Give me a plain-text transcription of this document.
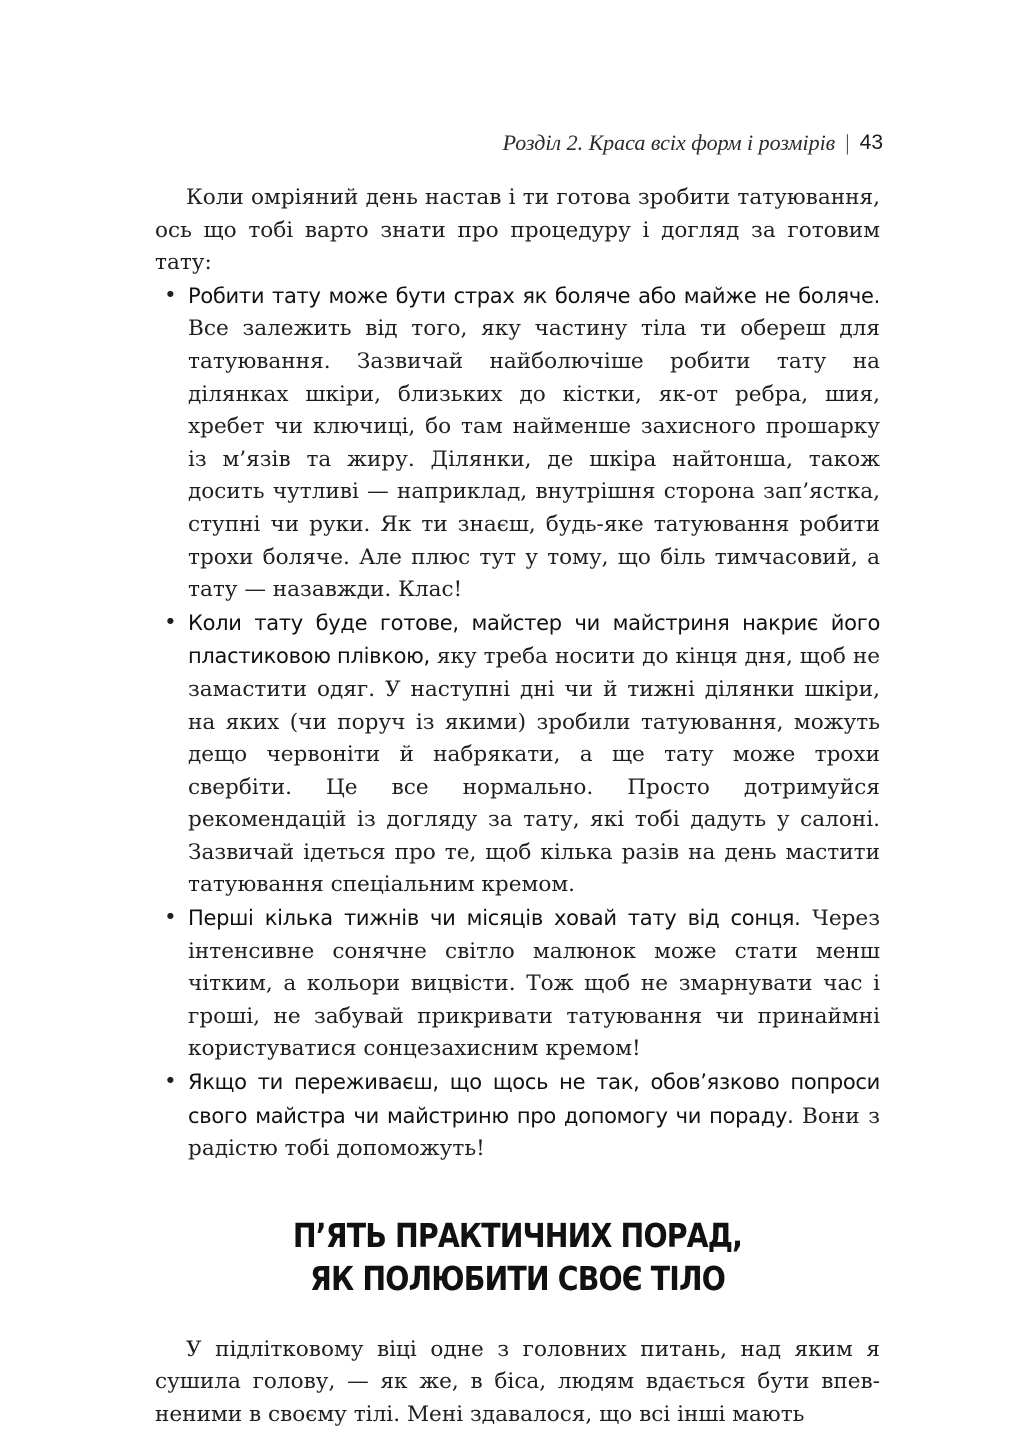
Розділ 2. Краса всіх форм і розмірів | 43

Коли омріяний день настав і ти готова зробити татуювання, ось що тобі варто знати про процедуру і догляд за готовим тату:

• Робити тату може бути страх як боляче або майже не боляче. Все залежить від того, яку частину тіла ти обереш для татуювання. Зазвичай найболючіше робити тату на ділянках шкіри, близьких до кістки, як-от ребра, шия, хребет чи ключиці, бо там найменше захисного прошарку із м’язів та жиру. Ділянки, де шкіра найтонша, також досить чутливі — наприклад, внутрішня сторона зап’ястка, ступні чи руки. Як ти знаєш, будь-яке татуювання робити трохи боляче. Але плюс тут у тому, що біль тимчасовий, а тату — назавжди. Клас!
• Коли тату буде готове, майстер чи майстриня накриє його пластиковою плівкою, яку треба носити до кінця дня, щоб не замастити одяг. У наступні дні чи й тижні ділянки шкіри, на яких (чи поруч із якими) зробили татуювання, можуть дещо червоніти й набрякати, а ще тату може трохи свербіти. Це все нормально. Просто дотримуйся рекомендацій із догляду за тату, які тобі дадуть у салоні. Зазвичай ідеться про те, щоб кілька разів на день мастити татуювання спеціальним кремом.
• Перші кілька тижнів чи місяців ховай тату від сонця. Через інтенсивне сонячне світло малюнок може стати менш чітким, а кольори вицвісти. Тож щоб не змарнувати час і гроші, не забувай прикривати татуювання чи принаймні користуватися сонцезахисним кремом!
• Якщо ти переживаєш, що щось не так, обов’язково попроси свого майстра чи майстриню про допомогу чи пораду. Вони з радістю тобі допоможуть!
П’ЯТЬ ПРАКТИЧНИХ ПОРАД,
ЯК ПОЛЮБИТИ СВОЄ ТІЛО

У підлітковому віці одне з головних питань, над яким я сушила голову, — як же, в біса, людям вдається бути впевненими в своєму тілі. Мені здавалося, що всі інші мають
